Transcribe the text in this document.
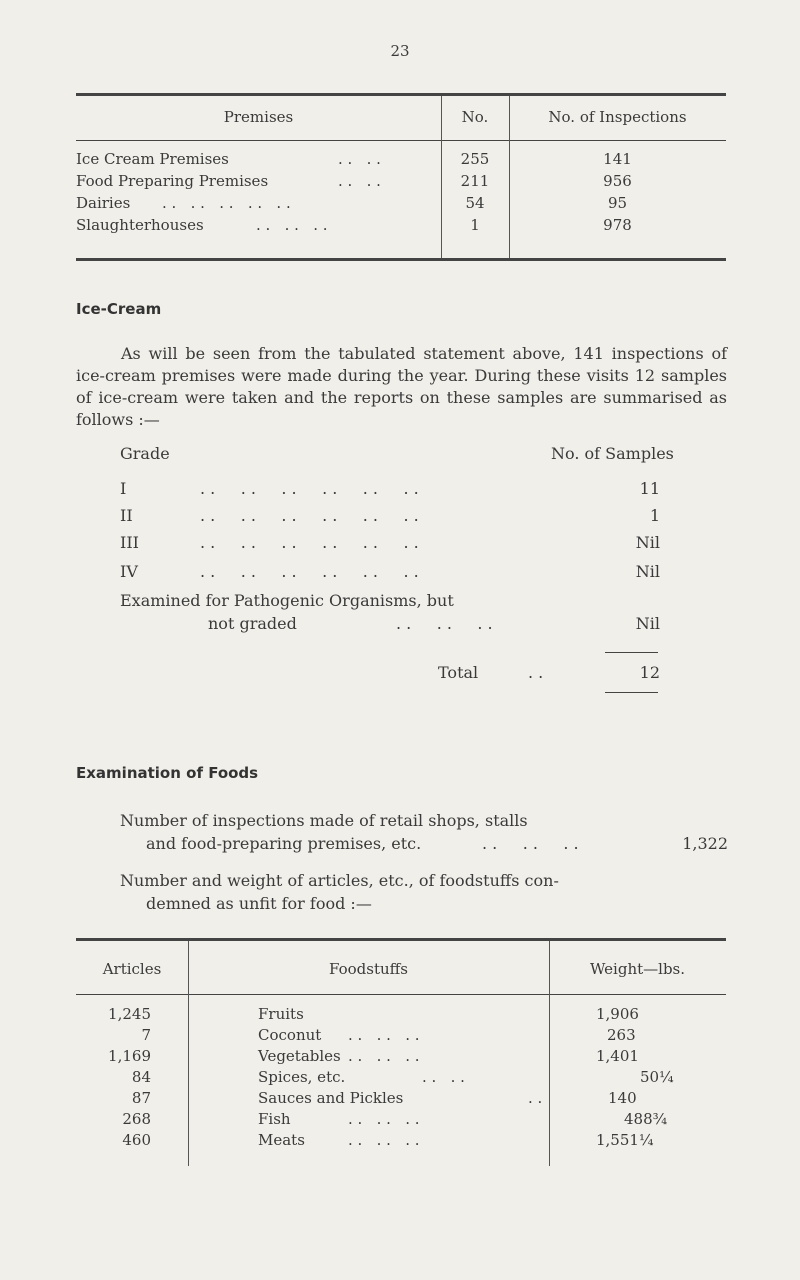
23
Premises	No.	No. of Inspections
Ice Cream Premises	. .   . .	255	141
Food Preparing Premises	. .   . .	211	956
Dairies . .   . .   . .   . .   . .	54	95
Slaughterhouses	. .   . .   . .	1	978
Ice-Cream
As will be seen from the tabulated statement above, 141 inspections of ice-cream premises were made during the year. During these visits 12 samples of ice-cream were taken and the reports on these samples are summarised as follows :—
Grade	No. of Samples
I	. .     . .     . .     . .     . .     . .	11
II	. .     . .     . .     . .     . .     . .	1
III	. .     . .     . .     . .     . .     . .	Nil
IV	. .     . .     . .     . .     . .     . .	Nil
Examined for Pathogenic Organisms, but
not graded	. .     . .     . .	Nil
Total	. .	12
Examination of Foods
Number of inspections made of retail shops, stalls
and food-preparing premises, etc.	. .     . .     . .	1,322
Number and weight of articles, etc., of foodstuffs con-
demned as unfit for food :—
Articles	Foodstuffs	Weight—lbs.
1,245	Fruits	1,906
7	Coconut . .   . .   . .	263
1,169	Vegetables . .   . .   . .	1,401
84	Spices, etc.	. .   . .	50¼
87	Sauces and Pickles	. .	140
268	Fish	. .   . .   . .	488¾
460	Meats	. .   . .   . .	1,551¼
